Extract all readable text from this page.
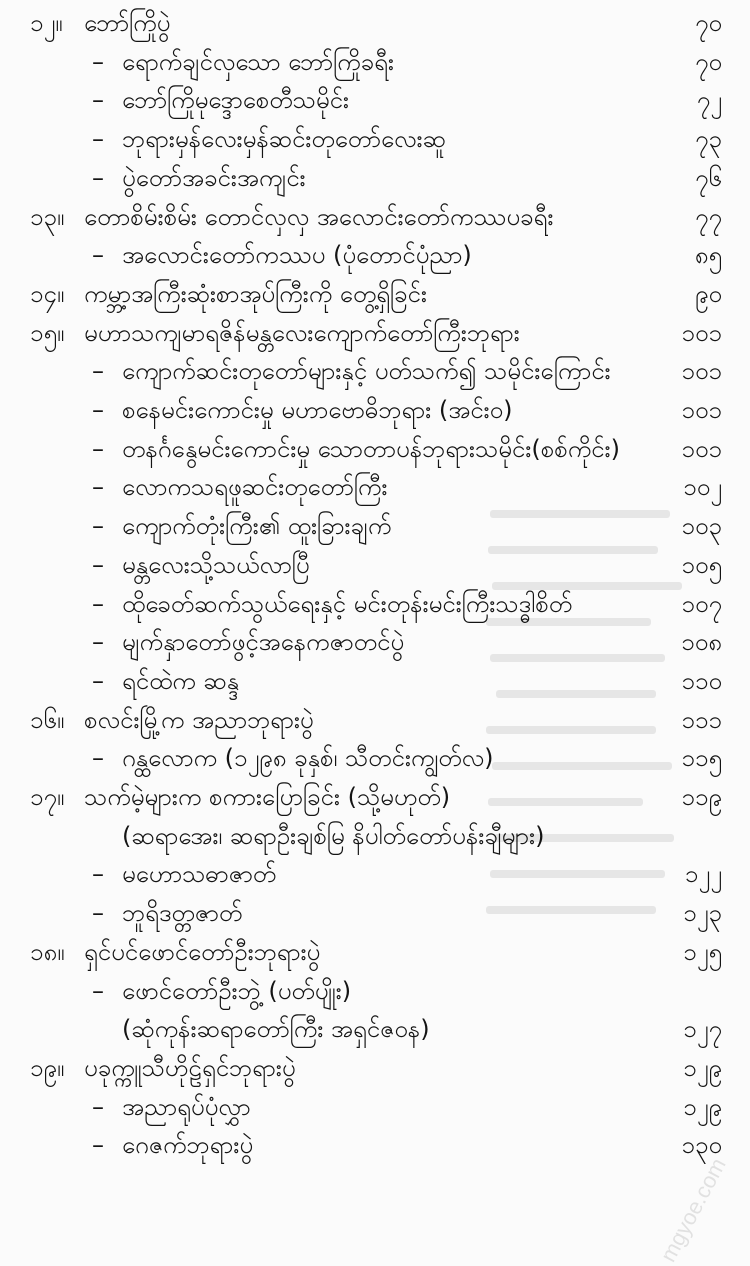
၁၂။ ဘော်ကြိုပွဲ	၇၀
– ရောက်ချင်လှသော ဘော်ကြိုခရီး	၇၀
– ဘော်ကြိုမုဒ္ဒောစေတီသမိုင်း	၇၂
– ဘုရားမှန်လေးမှန်ဆင်းတုတော်လေးဆူ	၇၃
– ပွဲတော်အခင်းအကျင်း	၇၆
၁၃။ တောစိမ်းစိမ်း တောင်လှလှ အလောင်းတော်ကဿပခရီး	၇၇
– အလောင်းတော်ကဿပ (ပုံတောင်ပုံညာ)	၈၅
၁၄။ ကမ္ဘာ့အကြီးဆုံးစာအုပ်ကြီးကို တွေ့ရှိခြင်း	၉၀
၁၅။ မဟာသကျမာရဇိန်မန္တလေးကျောက်တော်ကြီးဘုရား	၁၀၁
– ကျောက်ဆင်းတုတော်များနှင့် ပတ်သက်၍ သမိုင်းကြောင်း	၁၀၁
– စနေမင်းကောင်းမှု မဟာဗောဓိဘုရား (အင်း၀)	၁၀၁
– တနင်္ဂနွေမင်းကောင်းမှု သောတာပန်ဘုရားသမိုင်း(စစ်ကိုင်း)	၁၀၁
– လောကသရဖူဆင်းတုတော်ကြီး	၁၀၂
– ကျောက်တုံးကြီး၏ ထူးခြားချက်	၁၀၃
– မန္တလေးသို့သယ်လာပြီ	၁၀၅
– ထိုခေတ်ဆက်သွယ်ရေးနှင့် မင်းတုန်းမင်းကြီးသဒ္ဓါစိတ်	၁၀၇
– မျက်နှာတော်ဖွင့်အနေကဇာတင်ပွဲ	၁၀၈
– ရင်ထဲက ဆန္ဒ	၁၁၀
၁၆။ စလင်းမြို့က အညာဘုရားပွဲ	၁၁၁
– ဂန္ထလောက (၁၂၉၈ ခုနှစ်၊ သီတင်းကျွတ်လ)	၁၁၅
၁၇။ သက်မဲ့များက စကားပြောခြင်း (သို့မဟုတ်)	၁၁၉
(ဆရာအေး၊ ဆရာဦးချစ်မြ နိပါတ်တော်ပန်းချီများ)
– မဟောသဓာဇာတ်	၁၂၂
– ဘူရိဒတ္တဇာတ်	၁၂၃
၁၈။ ရှင်ပင်ဖောင်တော်ဦးဘုရားပွဲ	၁၂၅
– ဖောင်တော်ဦးဘွဲ့ (ပတ်ပျိုး)
(ဆုံကုန်းဆရာတော်ကြီး အရှင်ဇဝန)	၁၂၇
၁၉။ ပခုက္ကူသီဟိုဠ်ရှင်ဘုရားပွဲ	၁၂၉
– အညာရုပ်ပုံလွှာ	၁၂၉
– ဂေဇက်ဘုရားပွဲ	၁၃၀
mgyoe.com
